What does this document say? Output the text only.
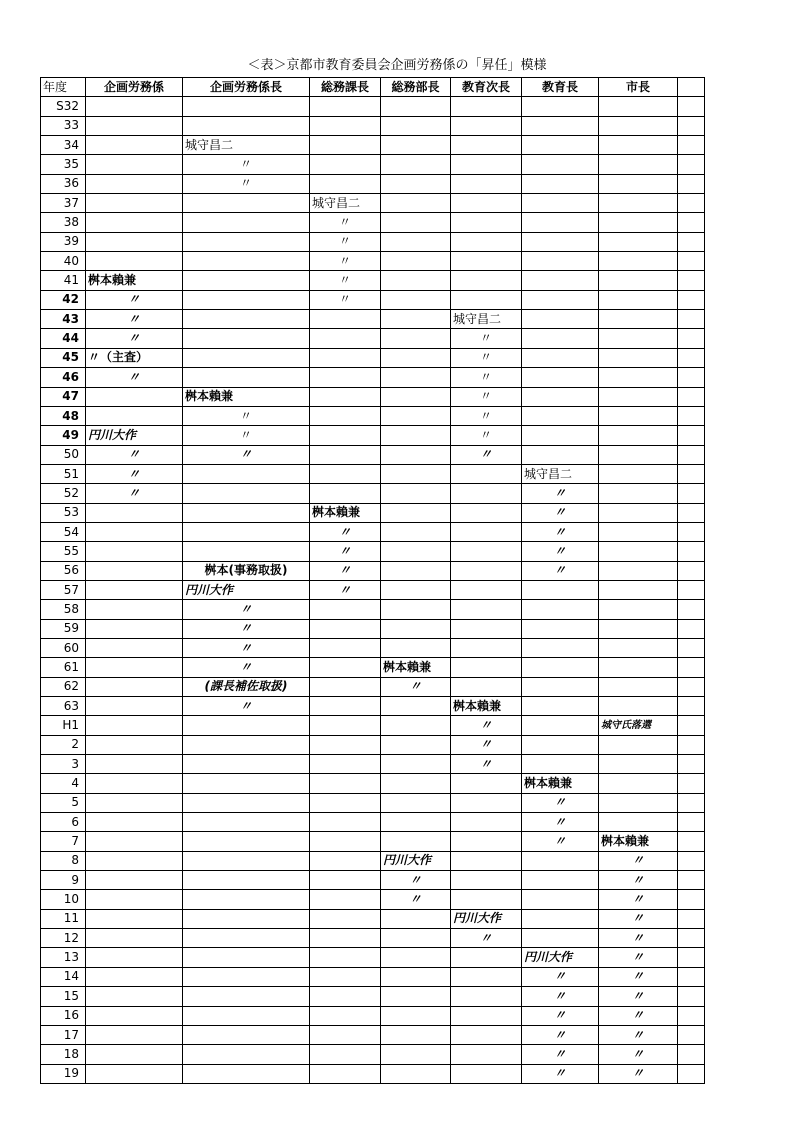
＜表＞京都市教育委員会企画労務係の「昇任」模様
年度	企画労務係	企画労務係長	総務課長	総務部長	教育次長	教育長	市長	
S32								
33								
34		城守昌二						
35		〃						
36		〃						
37			城守昌二					
38			〃					
39			〃					
40			〃					
41	桝本賴兼		〃					
42	〃		〃					
43	〃				城守昌二			
44	〃				〃			
45	〃（主査）				〃			
46	〃				〃			
47		桝本賴兼			〃			
48		〃			〃			
49	円川大作	〃			〃			
50	〃	〃			〃			
51	〃					城守昌二		
52	〃					〃		
53			桝本賴兼			〃		
54			〃			〃		
55			〃			〃		
56		桝本(事務取扱)	〃			〃		
57		円川大作	〃					
58		〃						
59		〃						
60		〃						
61		〃		桝本賴兼				
62		(課長補佐取扱)		〃				
63		〃			桝本賴兼			
H1					〃		城守氏落選	
2					〃			
3					〃			
4						桝本賴兼		
5						〃		
6						〃		
7						〃	桝本賴兼	
8				円川大作			〃	
9				〃			〃	
10				〃			〃	
11					円川大作		〃	
12					〃		〃	
13						円川大作	〃	
14						〃	〃	
15						〃	〃	
16						〃	〃	
17						〃	〃	
18						〃	〃	
19						〃	〃	
